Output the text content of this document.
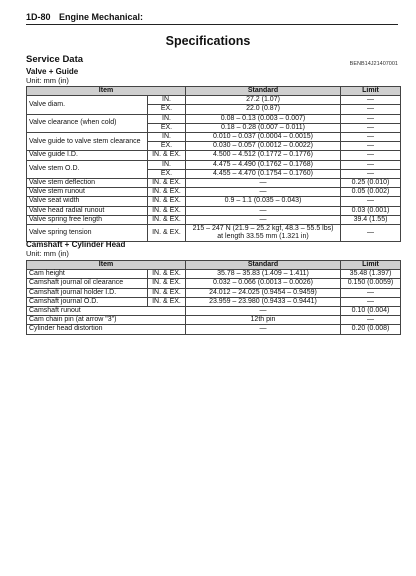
1D-80 Engine Mechanical:
Specifications
Service Data	BENB14J21407001
Valve + Guide
Unit: mm (in)
Item		Standard	Limit
Valve diam.	IN.	27.2 (1.07)	—
	EX.	22.0 (0.87)	—
Valve clearance (when cold)	IN.	0.08 – 0.13 (0.003 – 0.007)	—
	EX.	0.18 – 0.28 (0.007 – 0.011)	—
Valve guide to valve stem clearance	IN.	0.010 – 0.037 (0.0004 – 0.0015)	—
	EX.	0.030 – 0.057 (0.0012 – 0.0022)	—
Valve guide I.D.	IN. & EX.	4.500 – 4.512 (0.1772 – 0.1776)	—
Valve stem O.D.	IN.	4.475 – 4.490 (0.1762 – 0.1768)	—
	EX.	4.455 – 4.470 (0.1754 – 0.1760)	—
Valve stem deflection	IN. & EX.	—	0.25 (0.010)
Valve stem runout	IN. & EX.	—	0.05 (0.002)
Valve seat width	IN. & EX.	0.9 – 1.1 (0.035 – 0.043)	—
Valve head radial runout	IN. & EX.	—	0.03 (0.001)
Valve spring free length	IN. & EX.	—	39.4 (1.55)
Valve spring tension	IN. & EX.	215 – 247 N (21.9 – 25.2 kgf, 48.3 – 55.5 lbs)
at length 33.55 mm (1.321 in)	—
Camshaft + Cylinder Head
Unit: mm (in)
Item		Standard	Limit
Cam height	IN. & EX.	35.78 – 35.83 (1.409 – 1.411)	35.48 (1.397)
Camshaft journal oil clearance	IN. & EX.	0.032 – 0.066 (0.0013 – 0.0026)	0.150 (0.0059)
Camshaft journal holder I.D.	IN. & EX.	24.012 – 24.025 (0.9454 – 0.9459)	—
Camshaft journal O.D.	IN. & EX.	23.959 – 23.980 (0.9433 – 0.9441)	—
Camshaft runout		—	0.10 (0.004)
Cam chain pin (at arrow "3")		12th pin	—
Cylinder head distortion		—	0.20 (0.008)
